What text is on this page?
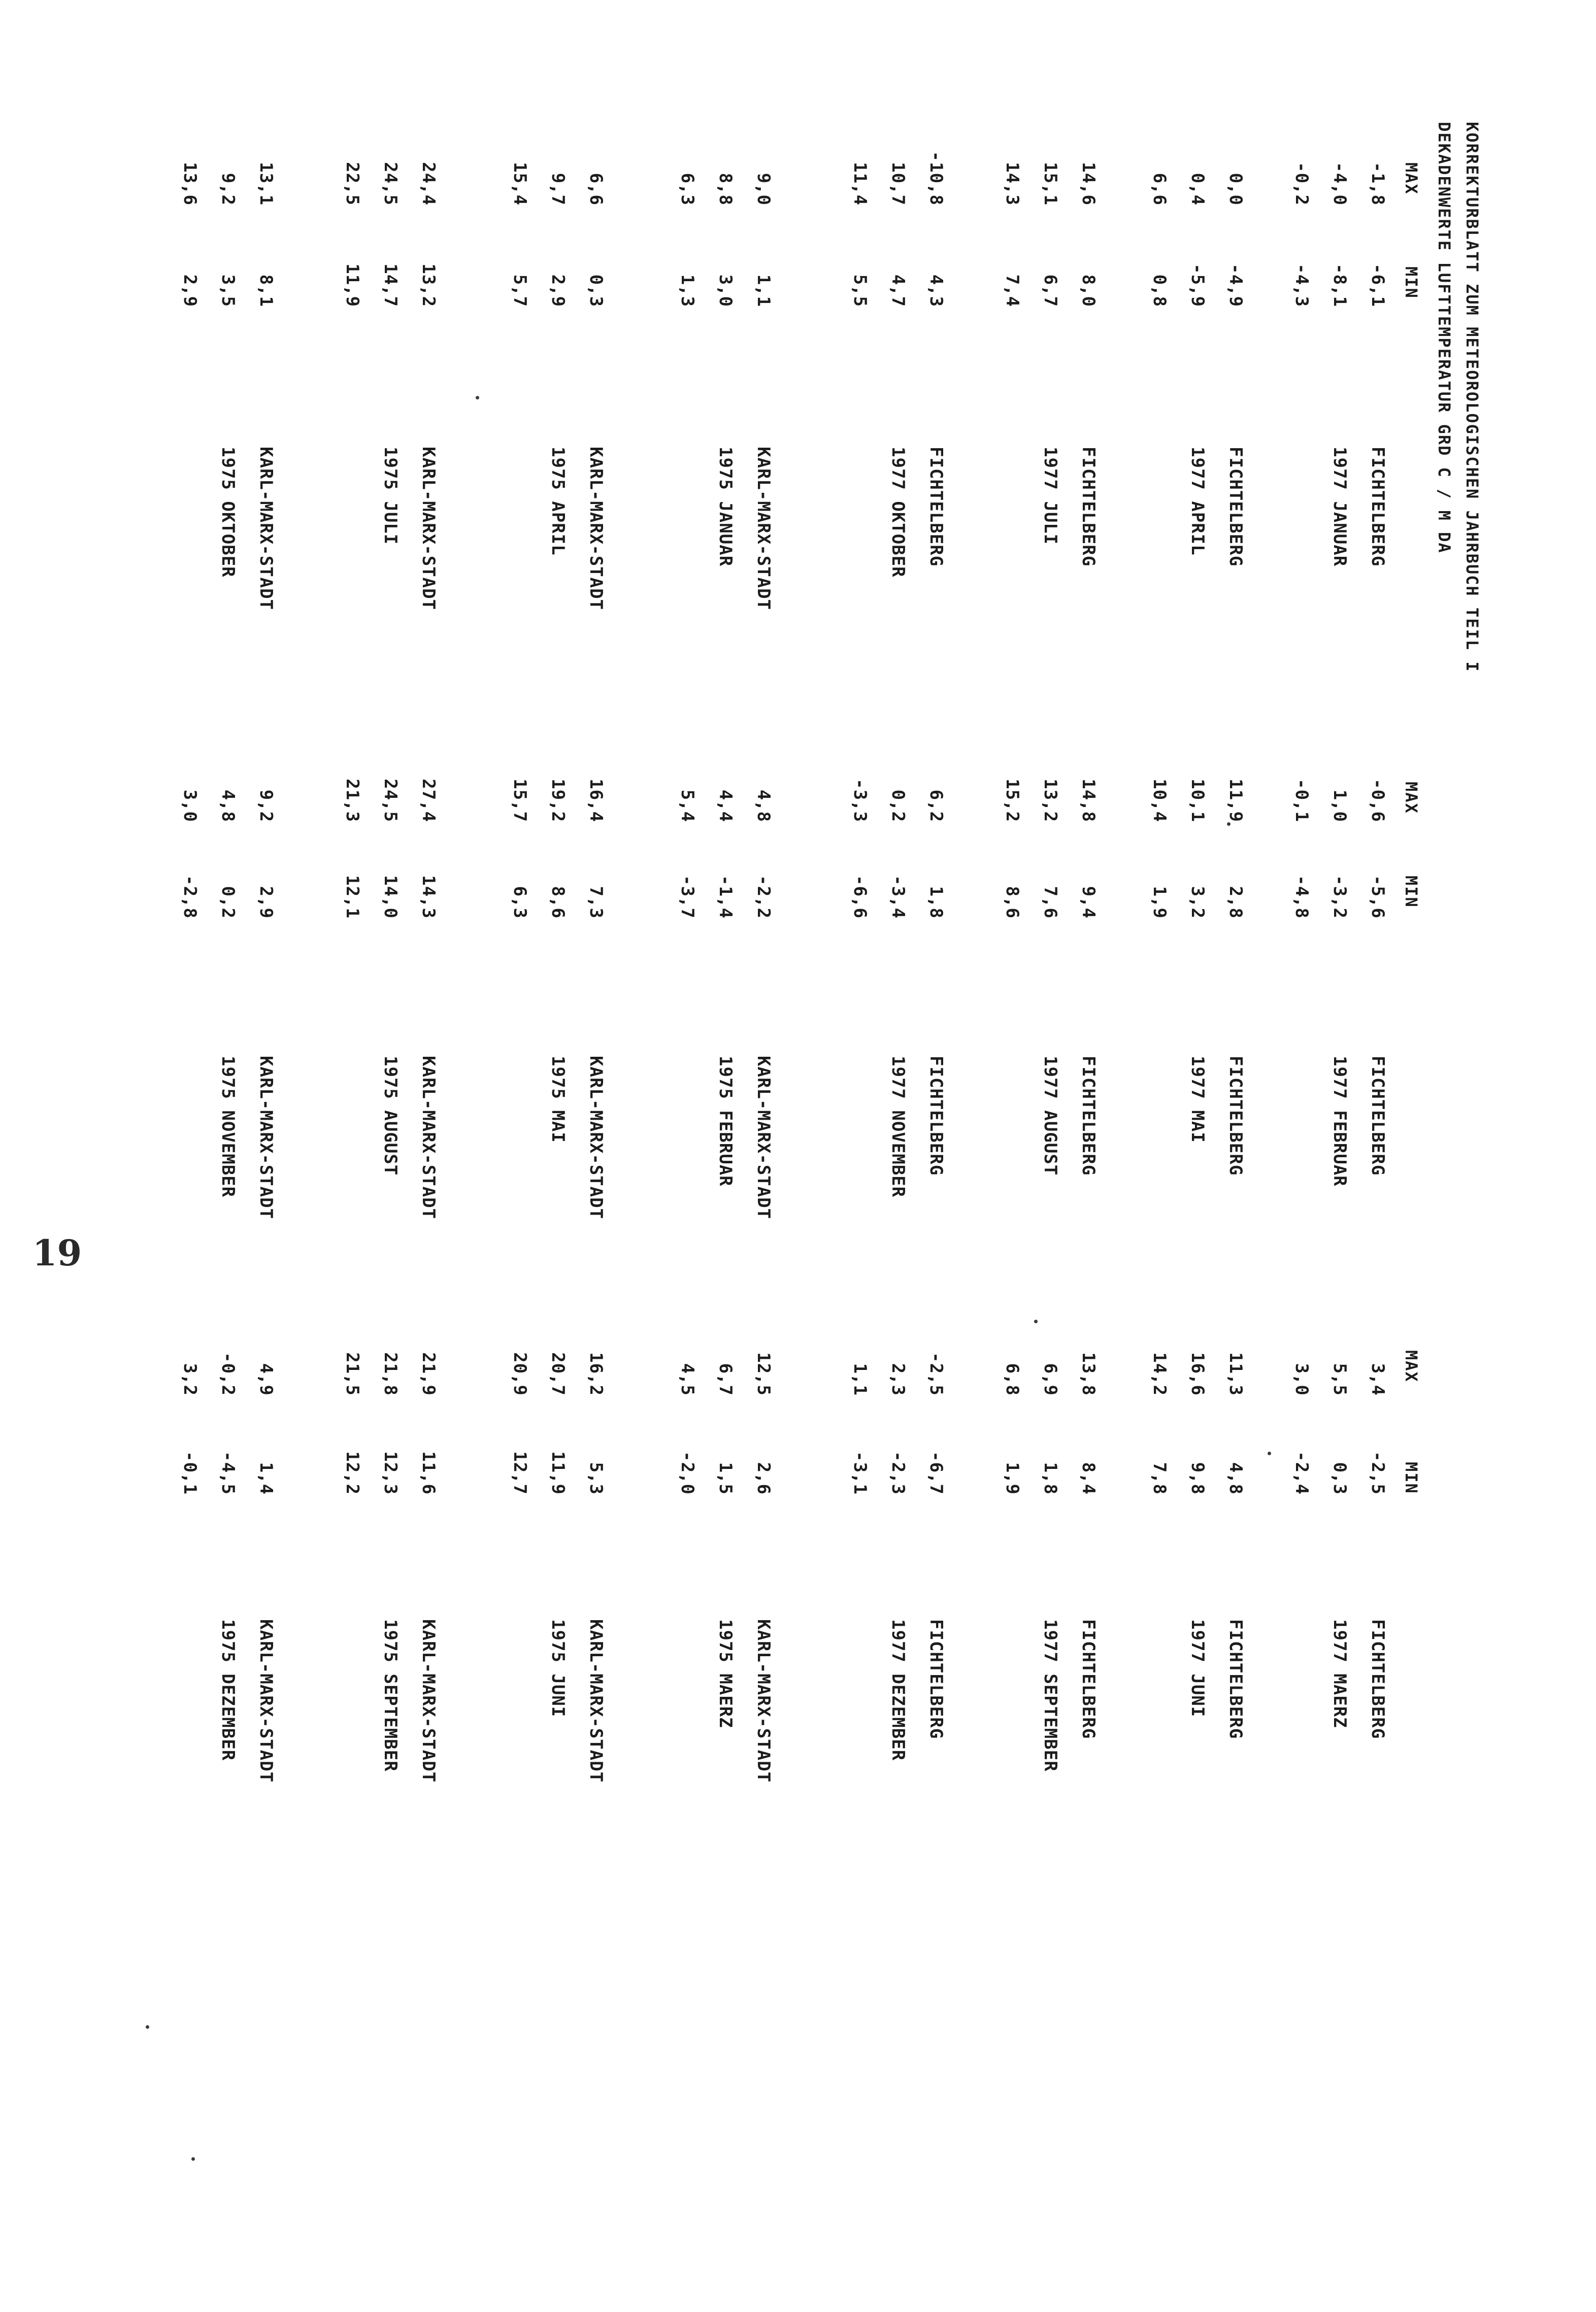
KORREKTURBLATT ZUM METEOROLOGISCHEN JAHRBUCH TEIL I
DEKADENWERTE LUFTTEMPERATUR GRD C / M DA
MAX
MIN
MAX
MIN
MAX
MIN
-1,8
-6,1
-0,6
-5,6
3,4
-2,5
FICHTELBERG
FICHTELBERG
FICHTELBERG
-4,0
-8,1
1,0
-3,2
5,5
0,3
1977 JANUAR
1977 FEBRUAR
1977 MAERZ
-0,2
-4,3
-0,1
-4,8
3,0
-2,4
0,0
-4,9
11,9
2,8
11,3
4,8
FICHTELBERG
FICHTELBERG
FICHTELBERG
0,4
-5,9
10,1
3,2
16,6
9,8
1977 APRIL
1977 MAI
1977 JUNI
6,6
0,8
10,4
1,9
14,2
7,8
14,6
8,0
14,8
9,4
13,8
8,4
FICHTELBERG
FICHTELBERG
FICHTELBERG
15,1
6,7
13,2
7,6
6,9
1,8
1977 JULI
1977 AUGUST
1977 SEPTEMBER
14,3
7,4
15,2
8,6
6,8
1,9
-10,8
4,3
6,2
1,8
-2,5
-6,7
FICHTELBERG
FICHTELBERG
FICHTELBERG
10,7
4,7
0,2
-3,4
2,3
-2,3
1977 OKTOBER
1977 NOVEMBER
1977 DEZEMBER
11,4
5,5
-3,3
-6,6
1,1
-3,1
9,0
1,1
4,8
-2,2
12,5
2,6
KARL-MARX-STADT
KARL-MARX-STADT
KARL-MARX-STADT
8,8
3,0
4,4
-1,4
6,7
1,5
1975 JANUAR
1975 FEBRUAR
1975 MAERZ
6,3
1,3
5,4
-3,7
4,5
-2,0
6,6
0,3
16,4
7,3
16,2
5,3
KARL-MARX-STADT
KARL-MARX-STADT
KARL-MARX-STADT
9,7
2,9
19,2
8,6
20,7
11,9
1975 APRIL
1975 MAI
1975 JUNI
15,4
5,7
15,7
6,3
20,9
12,7
24,4
13,2
27,4
14,3
21,9
11,6
KARL-MARX-STADT
KARL-MARX-STADT
KARL-MARX-STADT
24,5
14,7
24,5
14,0
21,8
12,3
1975 JULI
1975 AUGUST
1975 SEPTEMBER
22,5
11,9
21,3
12,1
21,5
12,2
13,1
8,1
9,2
2,9
4,9
1,4
KARL-MARX-STADT
KARL-MARX-STADT
KARL-MARX-STADT
9,2
3,5
4,8
0,2
-0,2
-4,5
1975 OKTOBER
1975 NOVEMBER
1975 DEZEMBER
13,6
2,9
3,0
-2,8
3,2
-0,1
19
